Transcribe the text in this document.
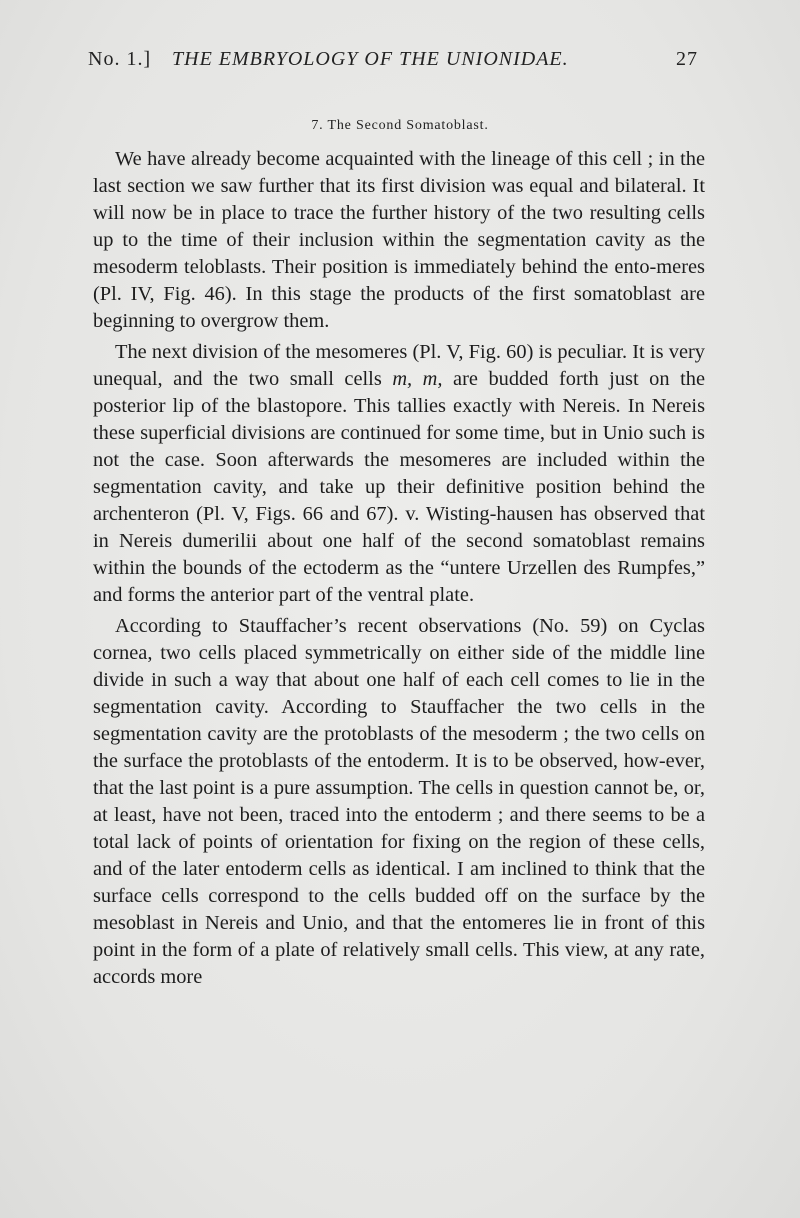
No. 1.] THE EMBRYOLOGY OF THE UNIONIDAE.	27
7. The Second Somatoblast.

We have already become acquainted with the lineage of this cell ; in the last section we saw further that its first division was equal and bilateral. It will now be in place to trace the further history of the two resulting cells up to the time of their inclusion within the segmentation cavity as the mesoderm teloblasts. Their position is immediately behind the ento-meres (Pl. IV, Fig. 46). In this stage the products of the first somatoblast are beginning to overgrow them.

The next division of the mesomeres (Pl. V, Fig. 60) is peculiar. It is very unequal, and the two small cells m, m, are budded forth just on the posterior lip of the blastopore. This tallies exactly with Nereis. In Nereis these superficial divisions are continued for some time, but in Unio such is not the case. Soon afterwards the mesomeres are included within the segmentation cavity, and take up their definitive position behind the archenteron (Pl. V, Figs. 66 and 67). v. Wisting-hausen has observed that in Nereis dumerilii about one half of the second somatoblast remains within the bounds of the ectoderm as the “untere Urzellen des Rumpfes,” and forms the anterior part of the ventral plate.

According to Stauffacher’s recent observations (No. 59) on Cyclas cornea, two cells placed symmetrically on either side of the middle line divide in such a way that about one half of each cell comes to lie in the segmentation cavity. According to Stauffacher the two cells in the segmentation cavity are the protoblasts of the mesoderm ; the two cells on the surface the protoblasts of the entoderm. It is to be observed, how-ever, that the last point is a pure assumption. The cells in question cannot be, or, at least, have not been, traced into the entoderm ; and there seems to be a total lack of points of orientation for fixing on the region of these cells, and of the later entoderm cells as identical. I am inclined to think that the surface cells correspond to the cells budded off on the surface by the mesoblast in Nereis and Unio, and that the entomeres lie in front of this point in the form of a plate of relatively small cells. This view, at any rate, accords more
